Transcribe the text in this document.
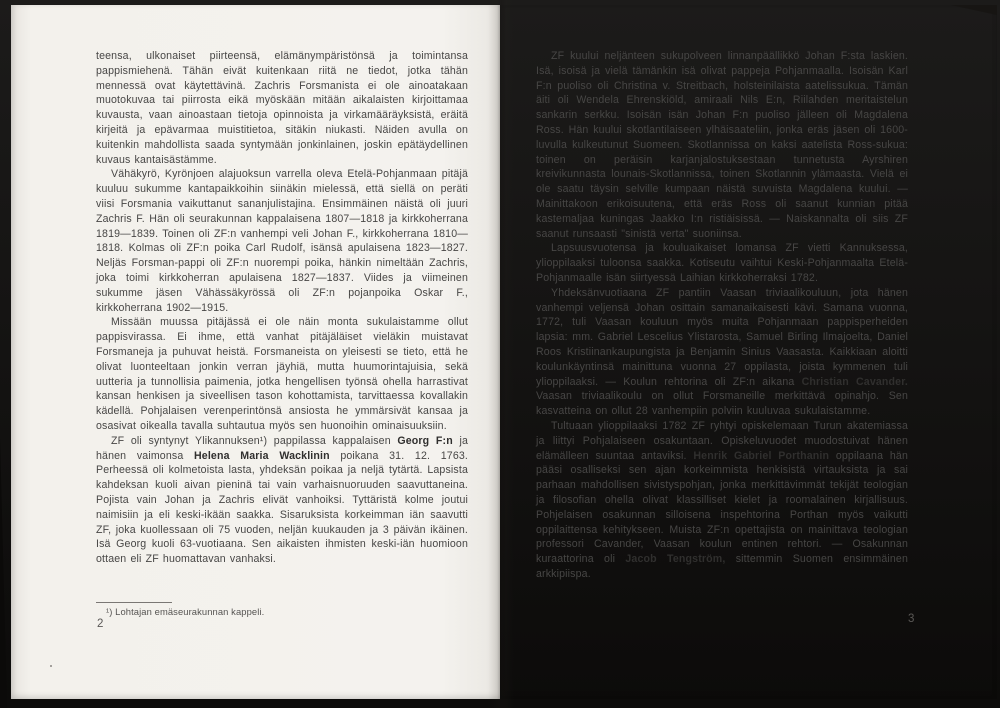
teensa, ulkonaiset piirteensä, elämänympäristönsä ja toimintansa pappismiehenä. Tähän eivät kuitenkaan riitä ne tiedot, jotka tähän mennessä ovat käytettävinä. Zachris Forsmanista ei ole ainoatakaan muotokuvaa tai piirrosta eikä myöskään mitään aikalaisten kirjoittamaa kuvausta, vaan ainoastaan tietoja opinnoista ja virkamääräyksistä, eräitä kirjeitä ja epävarmaa muistitietoa, sitäkin niukasti. Näiden avulla on kuitenkin mahdollista saada syntymään jonkinlainen, joskin epätäydellinen kuvaus kantaisästämme.

Vähäkyrö, Kyrönjoen alajuoksun varrella oleva Etelä-Pohjanmaan pitäjä kuuluu sukumme kantapaikkoihin siinäkin mielessä, että siellä on peräti viisi Forsmania vaikuttanut sananjulistajina. Ensimmäinen näistä oli juuri Zachris F. Hän oli seurakunnan kappalaisena 1807—1818 ja kirkkoherrana 1819—1839. Toinen oli ZF:n vanhempi veli Johan F., kirkkoherrana 1810—1818. Kolmas oli ZF:n poika Carl Rudolf, isänsä apulaisena 1823—1827. Neljäs Forsman-pappi oli ZF:n nuorempi poika, hänkin nimeltään Zachris, joka toimi kirkkoherran apulaisena 1827—1837. Viides ja viimeinen sukumme jäsen Vähässäkyrössä oli ZF:n pojanpoika Oskar F., kirkkoherrana 1902—1915.

Missään muussa pitäjässä ei ole näin monta sukulaistamme ollut pappisvirassa. Ei ihme, että vanhat pitäjäläiset vieläkin muistavat Forsmaneja ja puhuvat heistä. Forsmaneista on yleisesti se tieto, että he olivat luonteeltaan jonkin verran jäyhiä, mutta huumorintajuisia, sekä uutteria ja tunnollisia paimenia, jotka hengellisen työnsä ohella harrastivat kansan henkisen ja siveellisen tason kohottamista, tarvittaessa kovallakin kädellä. Pohjalaisen verenperintönsä ansiosta he ymmärsivät kansaa ja osasivat oikealla tavalla suhtautua myös sen huonoihin ominaisuuksiin.

ZF oli syntynyt Ylikannuksen¹) pappilassa kappalaisen Georg F:n ja hänen vaimonsa Helena Maria Wacklinin poikana 31. 12. 1763. Perheessä oli kolmetoista lasta, yhdeksän poikaa ja neljä tytärtä. Lapsista kahdeksan kuoli aivan pieninä tai vain varhaisnuoruuden saavuttaneina. Pojista vain Johan ja Zachris elivät vanhoiksi. Tyttäristä kolme joutui naimisiin ja eli keski-ikään saakka. Sisaruksista korkeimman iän saavutti ZF, joka kuollessaan oli 75 vuoden, neljän kuukauden ja 3 päivän ikäinen. Isä Georg kuoli 63-vuotiaana. Sen aikaisten ihmisten keski-iän huomioon ottaen eli ZF huomattavan vanhaksi.

¹) Lohtajan emäseurakunnan kappeli.
2

ZF kuului neljänteen sukupolveen linnanpäällikkö Johan F:sta laskien. Isä, isoisä ja vielä tämänkin isä olivat pappeja Pohjanmaalla. Isoisän Karl F:n puoliso oli Christina v. Streitbach, holsteinilaista aatelissukua. Tämän äiti oli Wendela Ehrenskiöld, amiraali Nils E:n, Riilahden meritaistelun sankarin serkku. Isoisän isän Johan F:n puoliso jälleen oli Magdalena Ross. Hän kuului skotlantilaiseen ylhäisaateliin, jonka eräs jäsen oli 1600-luvulla kulkeutunut Suomeen. Skotlannissa on kaksi aatelista Ross-sukua: toinen on peräisin karjanjalostuksestaan tunnetusta Ayrshiren kreivikunnasta lounais-Skotlannissa, toinen Skotlannin ylämaasta. Vielä ei ole saatu täysin selville kumpaan näistä suvuista Magdalena kuului. — Mainittakoon erikoisuutena, että eräs Ross oli saanut kunnian pitää kastemaljaa kuningas Jaakko I:n ristiäisissä. — Naiskannalta oli siis ZF saanut runsaasti "sinistä verta" suoniinsa.

Lapsuusvuotensa ja kouluaikaiset lomansa ZF vietti Kannuksessa, ylioppilaaksi tuloonsa saakka. Kotiseutu vaihtui Keski-Pohjanmaalta Etelä-Pohjanmaalle isän siirtyessä Laihian kirkkoherraksi 1782.

Yhdeksänvuotiaana ZF pantiin Vaasan triviaalikouluun, jota hänen vanhempi veljensä Johan osittain samanaikaisesti kävi. Samana vuonna, 1772, tuli Vaasan kouluun myös muita Pohjanmaan pappisperheiden lapsia: mm. Gabriel Lescelius Ylistarosta, Samuel Birling Ilmajoelta, Daniel Roos Kristiinankaupungista ja Benjamin Sinius Vaasasta. Kaikkiaan aloitti koulunkäyntinsä mainittuna vuonna 27 oppilasta, joista kymmenen tuli ylioppilaaksi. — Koulun rehtorina oli ZF:n aikana Christian Cavander. Vaasan triviaalikoulu on ollut Forsmaneille merkittävä opinahjo. Sen kasvatteina on ollut 28 vanhempiin polviin kuuluvaa sukulaistamme.

Tultuaan ylioppilaaksi 1782 ZF ryhtyi opiskelemaan Turun akatemiassa ja liittyi Pohjalaiseen osakuntaan. Opiskeluvuodet muodostuivat hänen elämälleen suuntaa antaviksi. Henrik Gabriel Porthanin oppilaana hän pääsi osalliseksi sen ajan korkeimmista henkisistä virtauksista ja sai parhaan mahdollisen sivistyspohjan, jonka merkittävimmät tekijät teologian ja filosofian ohella olivat klassilliset kielet ja roomalainen kirjallisuus. Pohjelaisen osakunnan silloisena inspehtorina Porthan myös vaikutti oppilaittensa kehitykseen. Muista ZF:n opettajista on mainittava teologian professori Cavander, Vaasan koulun entinen rehtori. — Osakunnan kuraattorina oli Jacob Tengström, sittemmin Suomen ensimmäinen arkkipiispa.

3
